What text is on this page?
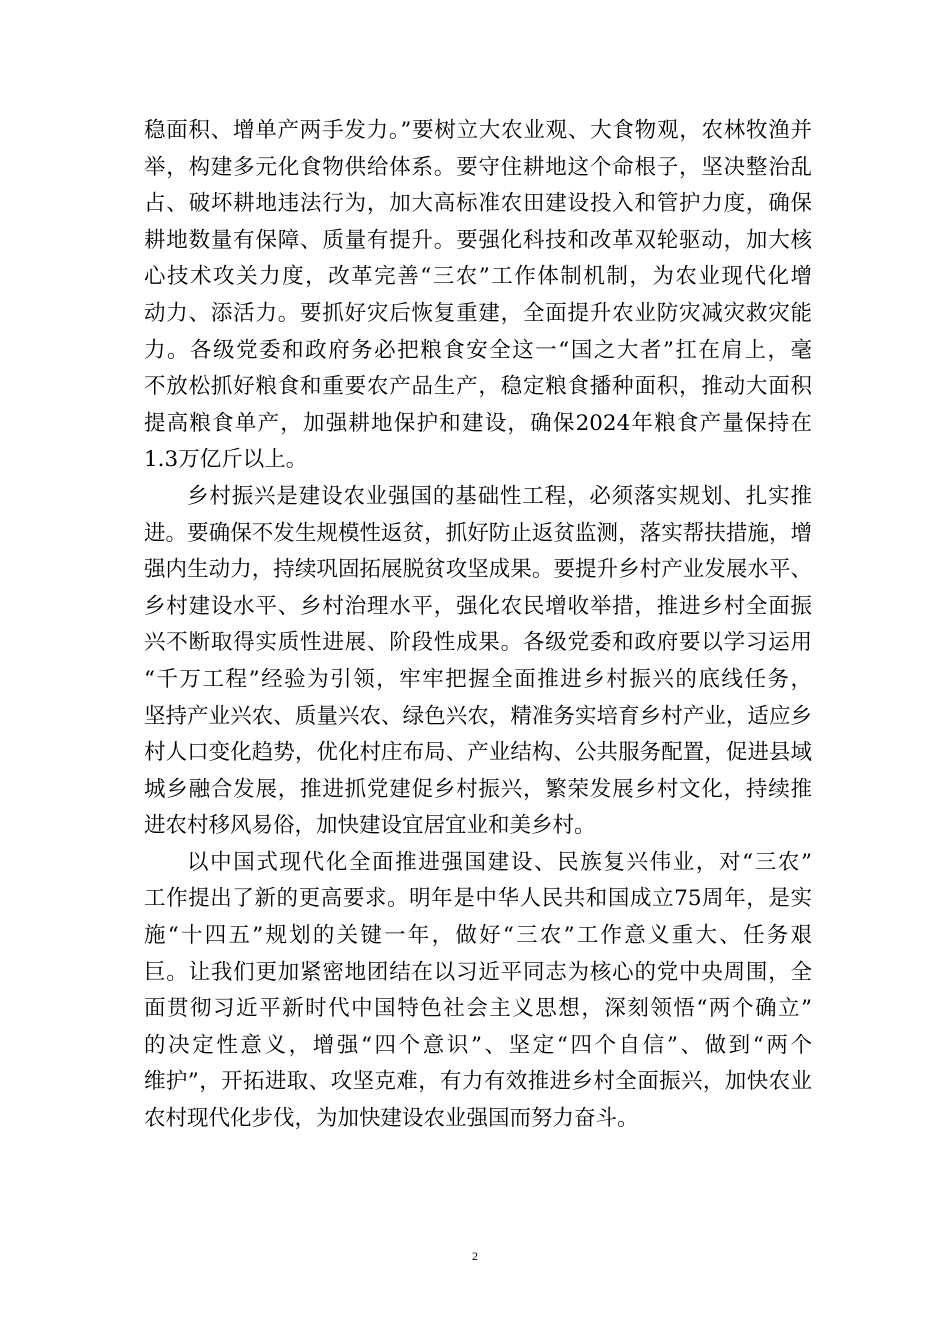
稳面积、增单产两手发力。”要树立大农业观、大食物观，农林牧渔并
举，构建多元化食物供给体系。要守住耕地这个命根子，坚决整治乱
占、破坏耕地违法行为，加大高标准农田建设投入和管护力度，确保
耕地数量有保障、质量有提升。要强化科技和改革双轮驱动，加大核
心技术攻关力度，改革完善“三农”工作体制机制，为农业现代化增
动力、添活力。要抓好灾后恢复重建，全面提升农业防灾减灾救灾能
力。各级党委和政府务必把粮食安全这一“国之大者”扛在肩上，毫
不放松抓好粮食和重要农产品生产，稳定粮食播种面积，推动大面积
提高粮食单产，加强耕地保护和建设，确保2024年粮食产量保持在
1.3万亿斤以上。
乡村振兴是建设农业强国的基础性工程，必须落实规划、扎实推
进。要确保不发生规模性返贫，抓好防止返贫监测，落实帮扶措施，增
强内生动力，持续巩固拓展脱贫攻坚成果。要提升乡村产业发展水平、
乡村建设水平、乡村治理水平，强化农民增收举措，推进乡村全面振
兴不断取得实质性进展、阶段性成果。各级党委和政府要以学习运用
“千万工程”经验为引领，牢牢把握全面推进乡村振兴的底线任务，
坚持产业兴农、质量兴农、绿色兴农，精准务实培育乡村产业，适应乡
村人口变化趋势，优化村庄布局、产业结构、公共服务配置，促进县域
城乡融合发展，推进抓党建促乡村振兴，繁荣发展乡村文化，持续推
进农村移风易俗，加快建设宜居宜业和美乡村。
以中国式现代化全面推进强国建设、民族复兴伟业，对“三农”
工作提出了新的更高要求。明年是中华人民共和国成立75周年，是实
施“十四五”规划的关键一年，做好“三农”工作意义重大、任务艰
巨。让我们更加紧密地团结在以习近平同志为核心的党中央周围，全
面贯彻习近平新时代中国特色社会主义思想，深刻领悟“两个确立”
的决定性意义，增强“四个意识”、坚定“四个自信”、做到“两个
维护”，开拓进取、攻坚克难，有力有效推进乡村全面振兴，加快农业
农村现代化步伐，为加快建设农业强国而努力奋斗。
2
